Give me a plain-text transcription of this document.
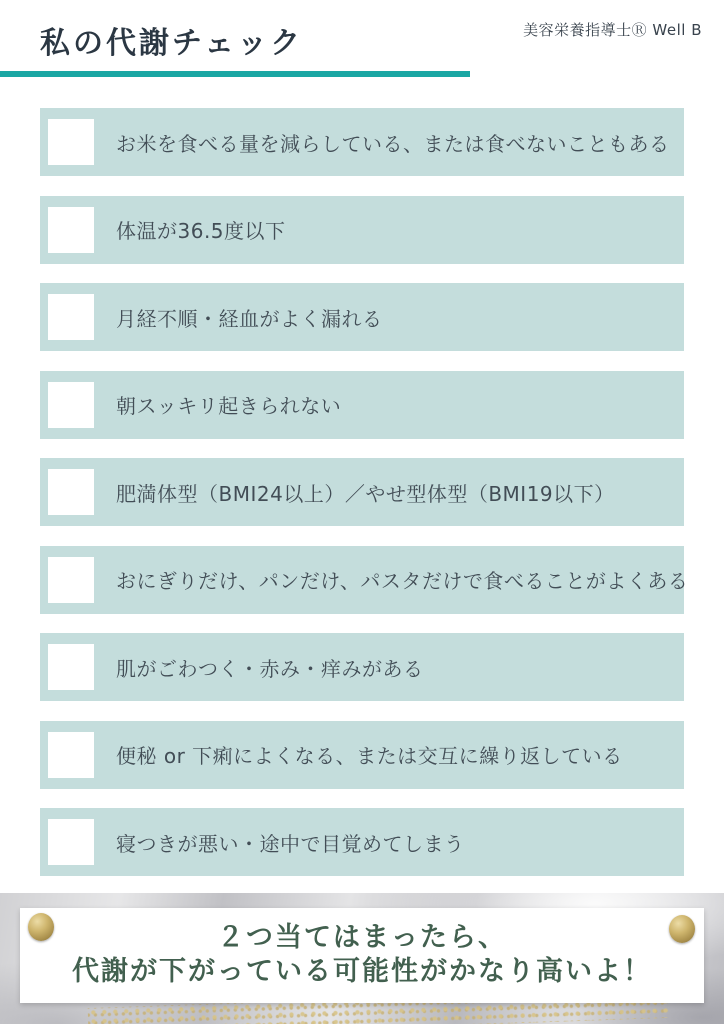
私の代謝チェック	美容栄養指導士Ⓡ Well B
お米を食べる量を減らしている、または食べないこともある
体温が36.5度以下
月経不順・経血がよく漏れる
朝スッキリ起きられない
肥満体型（BMI24以上）／やせ型体型（BMI19以下）
おにぎりだけ、パンだけ、パスタだけで食べることがよくある
肌がごわつく・赤み・痒みがある
便秘 or 下痢によくなる、または交互に繰り返している
寝つきが悪い・途中で目覚めてしまう
２つ当てはまったら、
代謝が下がっている可能性がかなり高いよ！
